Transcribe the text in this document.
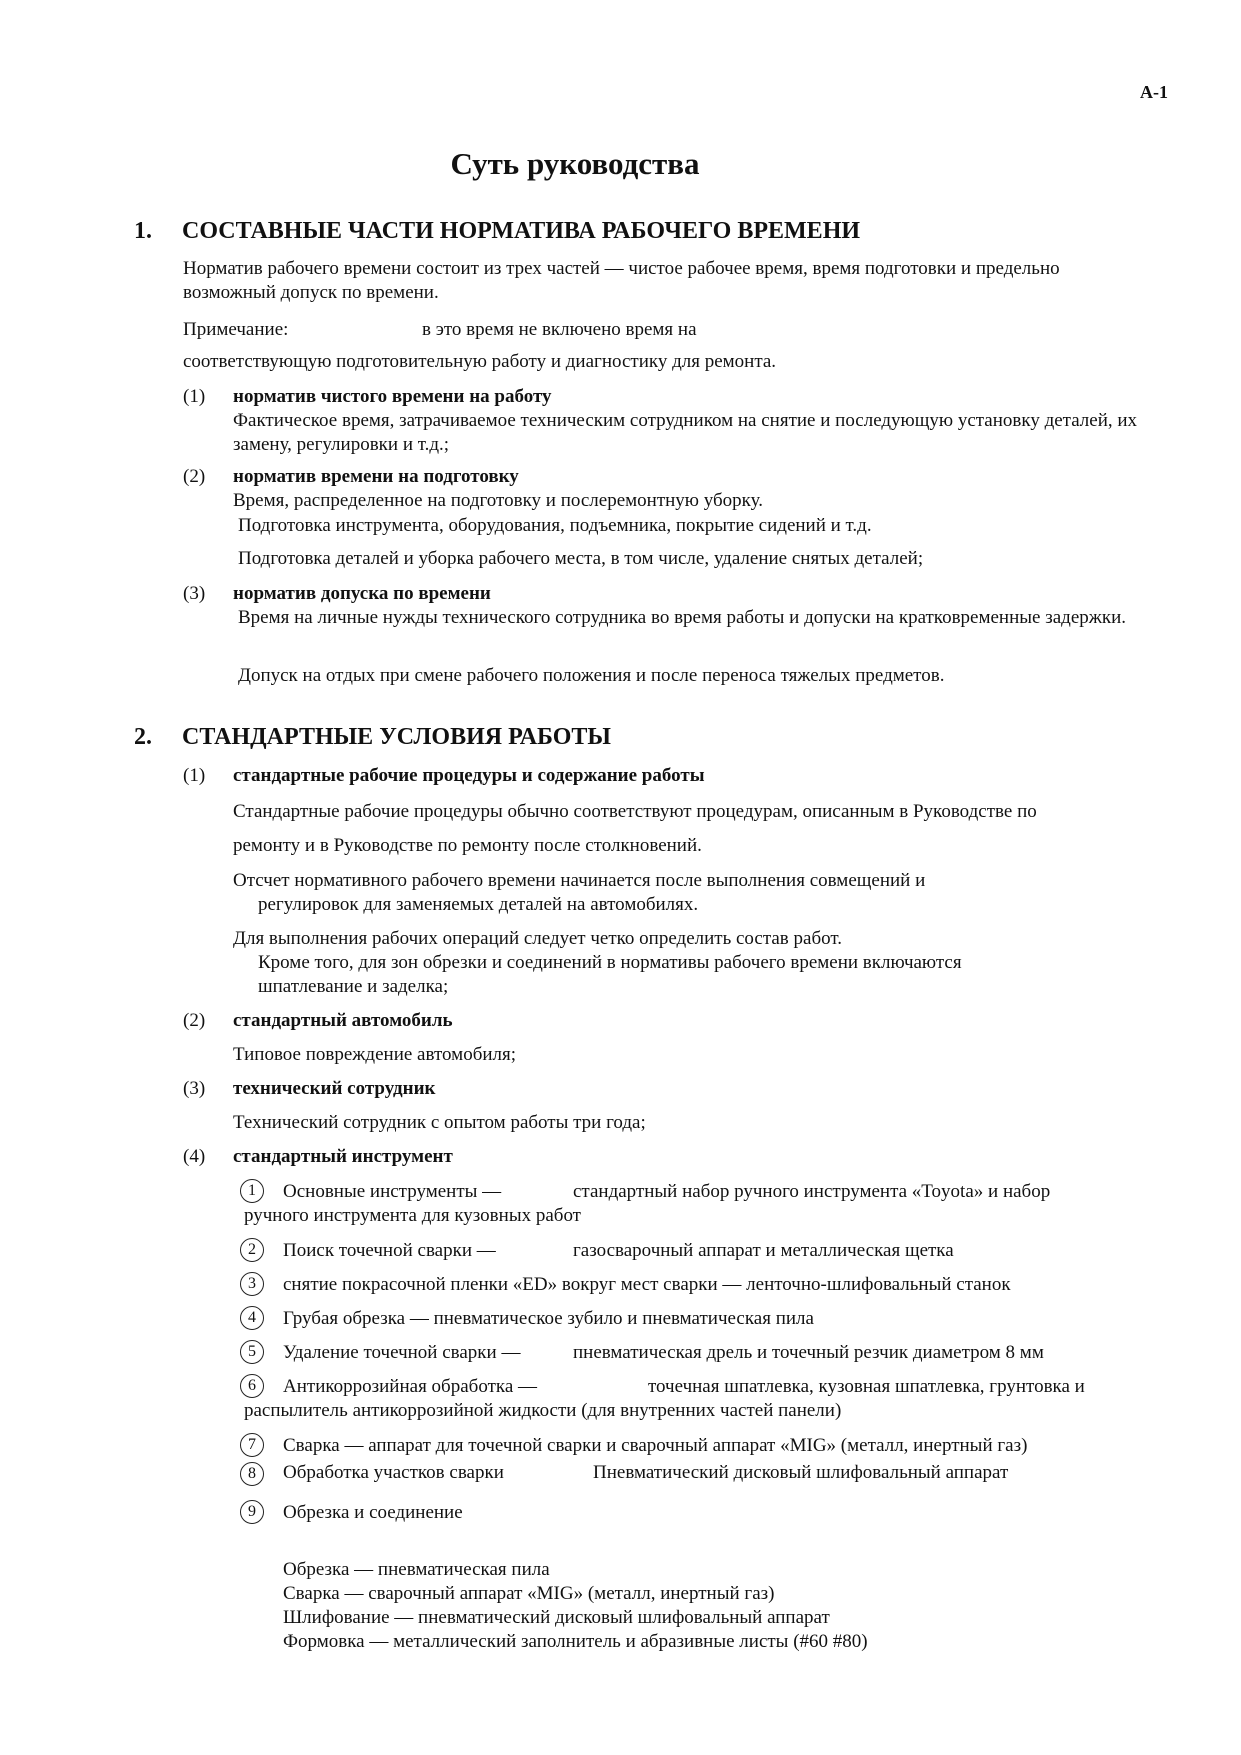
A-1
Суть руководства
1. СОСТАВНЫЕ ЧАСТИ НОРМАТИВА РАБОЧЕГО ВРЕМЕНИ
Норматив рабочего времени состоит из трех частей — чистое рабочее время, время подготовки и предельно возможный допуск по времени.
Примечание:	в это время не включено время на
соответствующую подготовительную работу и диагностику для ремонта.
(1) норматив чистого времени на работу
Фактическое время, затрачиваемое техническим сотрудником на снятие и последующую установку деталей, их замену, регулировки и т.д.;
(2) норматив времени на подготовку
Время, распределенное на подготовку и послеремонтную уборку.
Подготовка инструмента, оборудования, подъемника, покрытие сидений и т.д.
Подготовка деталей и уборка рабочего места, в том числе, удаление снятых деталей;
(3) норматив допуска по времени
Время на личные нужды технического сотрудника во время работы и допуски на кратковременные задержки.
Допуск на отдых при смене рабочего положения и после переноса тяжелых предметов.
2. СТАНДАРТНЫЕ УСЛОВИЯ РАБОТЫ
(1) стандартные рабочие процедуры и содержание работы
Стандартные рабочие процедуры обычно соответствуют процедурам, описанным в Руководстве по
ремонту и в Руководстве по ремонту после столкновений.
Отсчет нормативного рабочего времени начинается после выполнения совмещений и
регулировок для заменяемых деталей на автомобилях.
Для выполнения рабочих операций следует четко определить состав работ.
Кроме того, для зон обрезки и соединений в нормативы рабочего времени включаются
шпатлевание и заделка;
(2) стандартный автомобиль
Типовое повреждение автомобиля;
(3) технический сотрудник
Технический сотрудник с опытом работы три года;
(4) стандартный инструмент
1	Основные инструменты —	стандартный набор ручного инструмента «Toyota» и набор
ручного инструмента для кузовных работ
2	Поиск точечной сварки —	газосварочный аппарат и металлическая щетка
3	снятие покрасочной пленки «ED» вокруг мест сварки — ленточно-шлифовальный станок
4	Грубая обрезка — пневматическое зубило и пневматическая пила
5	Удаление точечной сварки —	пневматическая дрель и точечный резчик диаметром 8 мм
6	Антикоррозийная обработка —	точечная шпатлевка, кузовная шпатлевка, грунтовка и
распылитель антикоррозийной жидкости (для внутренних частей панели)
7	Сварка — аппарат для точечной сварки и сварочный аппарат «MIG» (металл, инертный газ)
8	Обработка участков сварки	Пневматический дисковый шлифовальный аппарат
9	Обрезка и соединение
Обрезка — пневматическая пила
Сварка — сварочный аппарат «MIG» (металл, инертный газ)
Шлифование — пневматический дисковый шлифовальный аппарат
Формовка — металлический заполнитель и абразивные листы (#60 #80)
